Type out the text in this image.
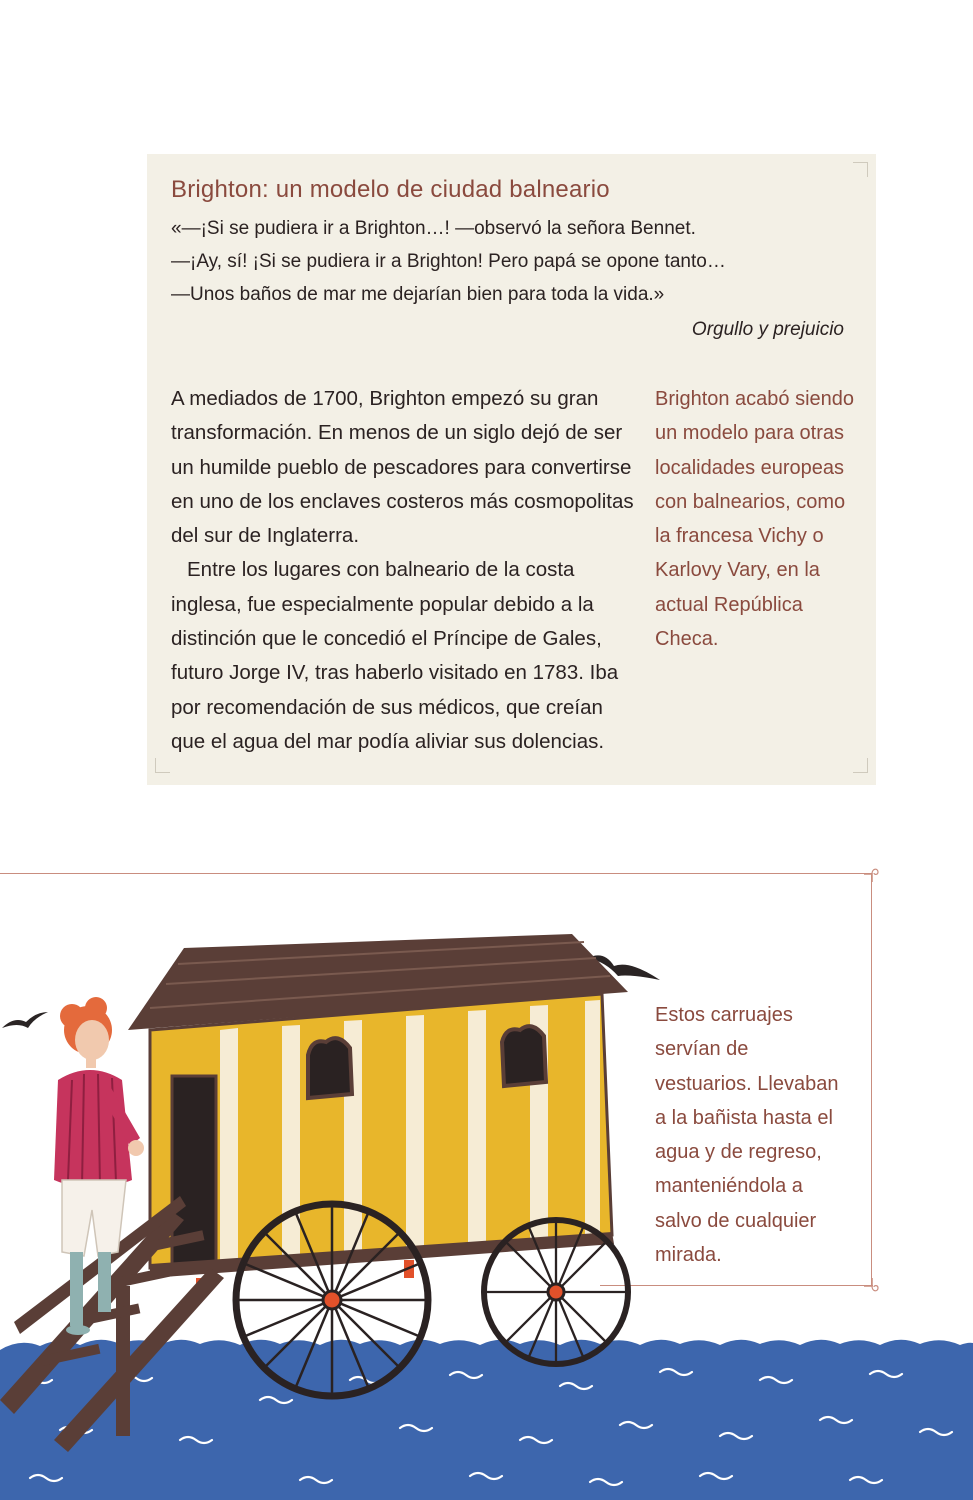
Brighton: un modelo de ciudad balneario

«—¡Si se pudiera ir a Brighton…! —observó la señora Bennet.

—¡Ay, sí! ¡Si se pudiera ir a Brighton! Pero papá se opone tanto…

—Unos baños de mar me dejarían bien para toda la vida.»

Orgullo y prejuicio

A mediados de 1700, Brighton empezó su gran transformación. En menos de un siglo dejó de ser un humilde pueblo de pescadores para convertirse en uno de los enclaves costeros más cosmopolitas del sur de Inglaterra.

Entre los lugares con balneario de la costa inglesa, fue especialmente popular debido a la distinción que le concedió el Príncipe de Gales, futuro Jorge IV, tras haberlo visitado en 1783. Iba por recomendación de sus médicos, que creían que el agua del mar podía aliviar sus dolencias.

Brighton acabó siendo un modelo para otras localidades europeas con balnearios, como la francesa Vichy o Karlovy Vary, en la actual República Checa.
Estos carruajes servían de vestuarios. Llevaban a la bañista hasta el agua y de regreso, manteniéndola a salvo de cualquier mirada.
